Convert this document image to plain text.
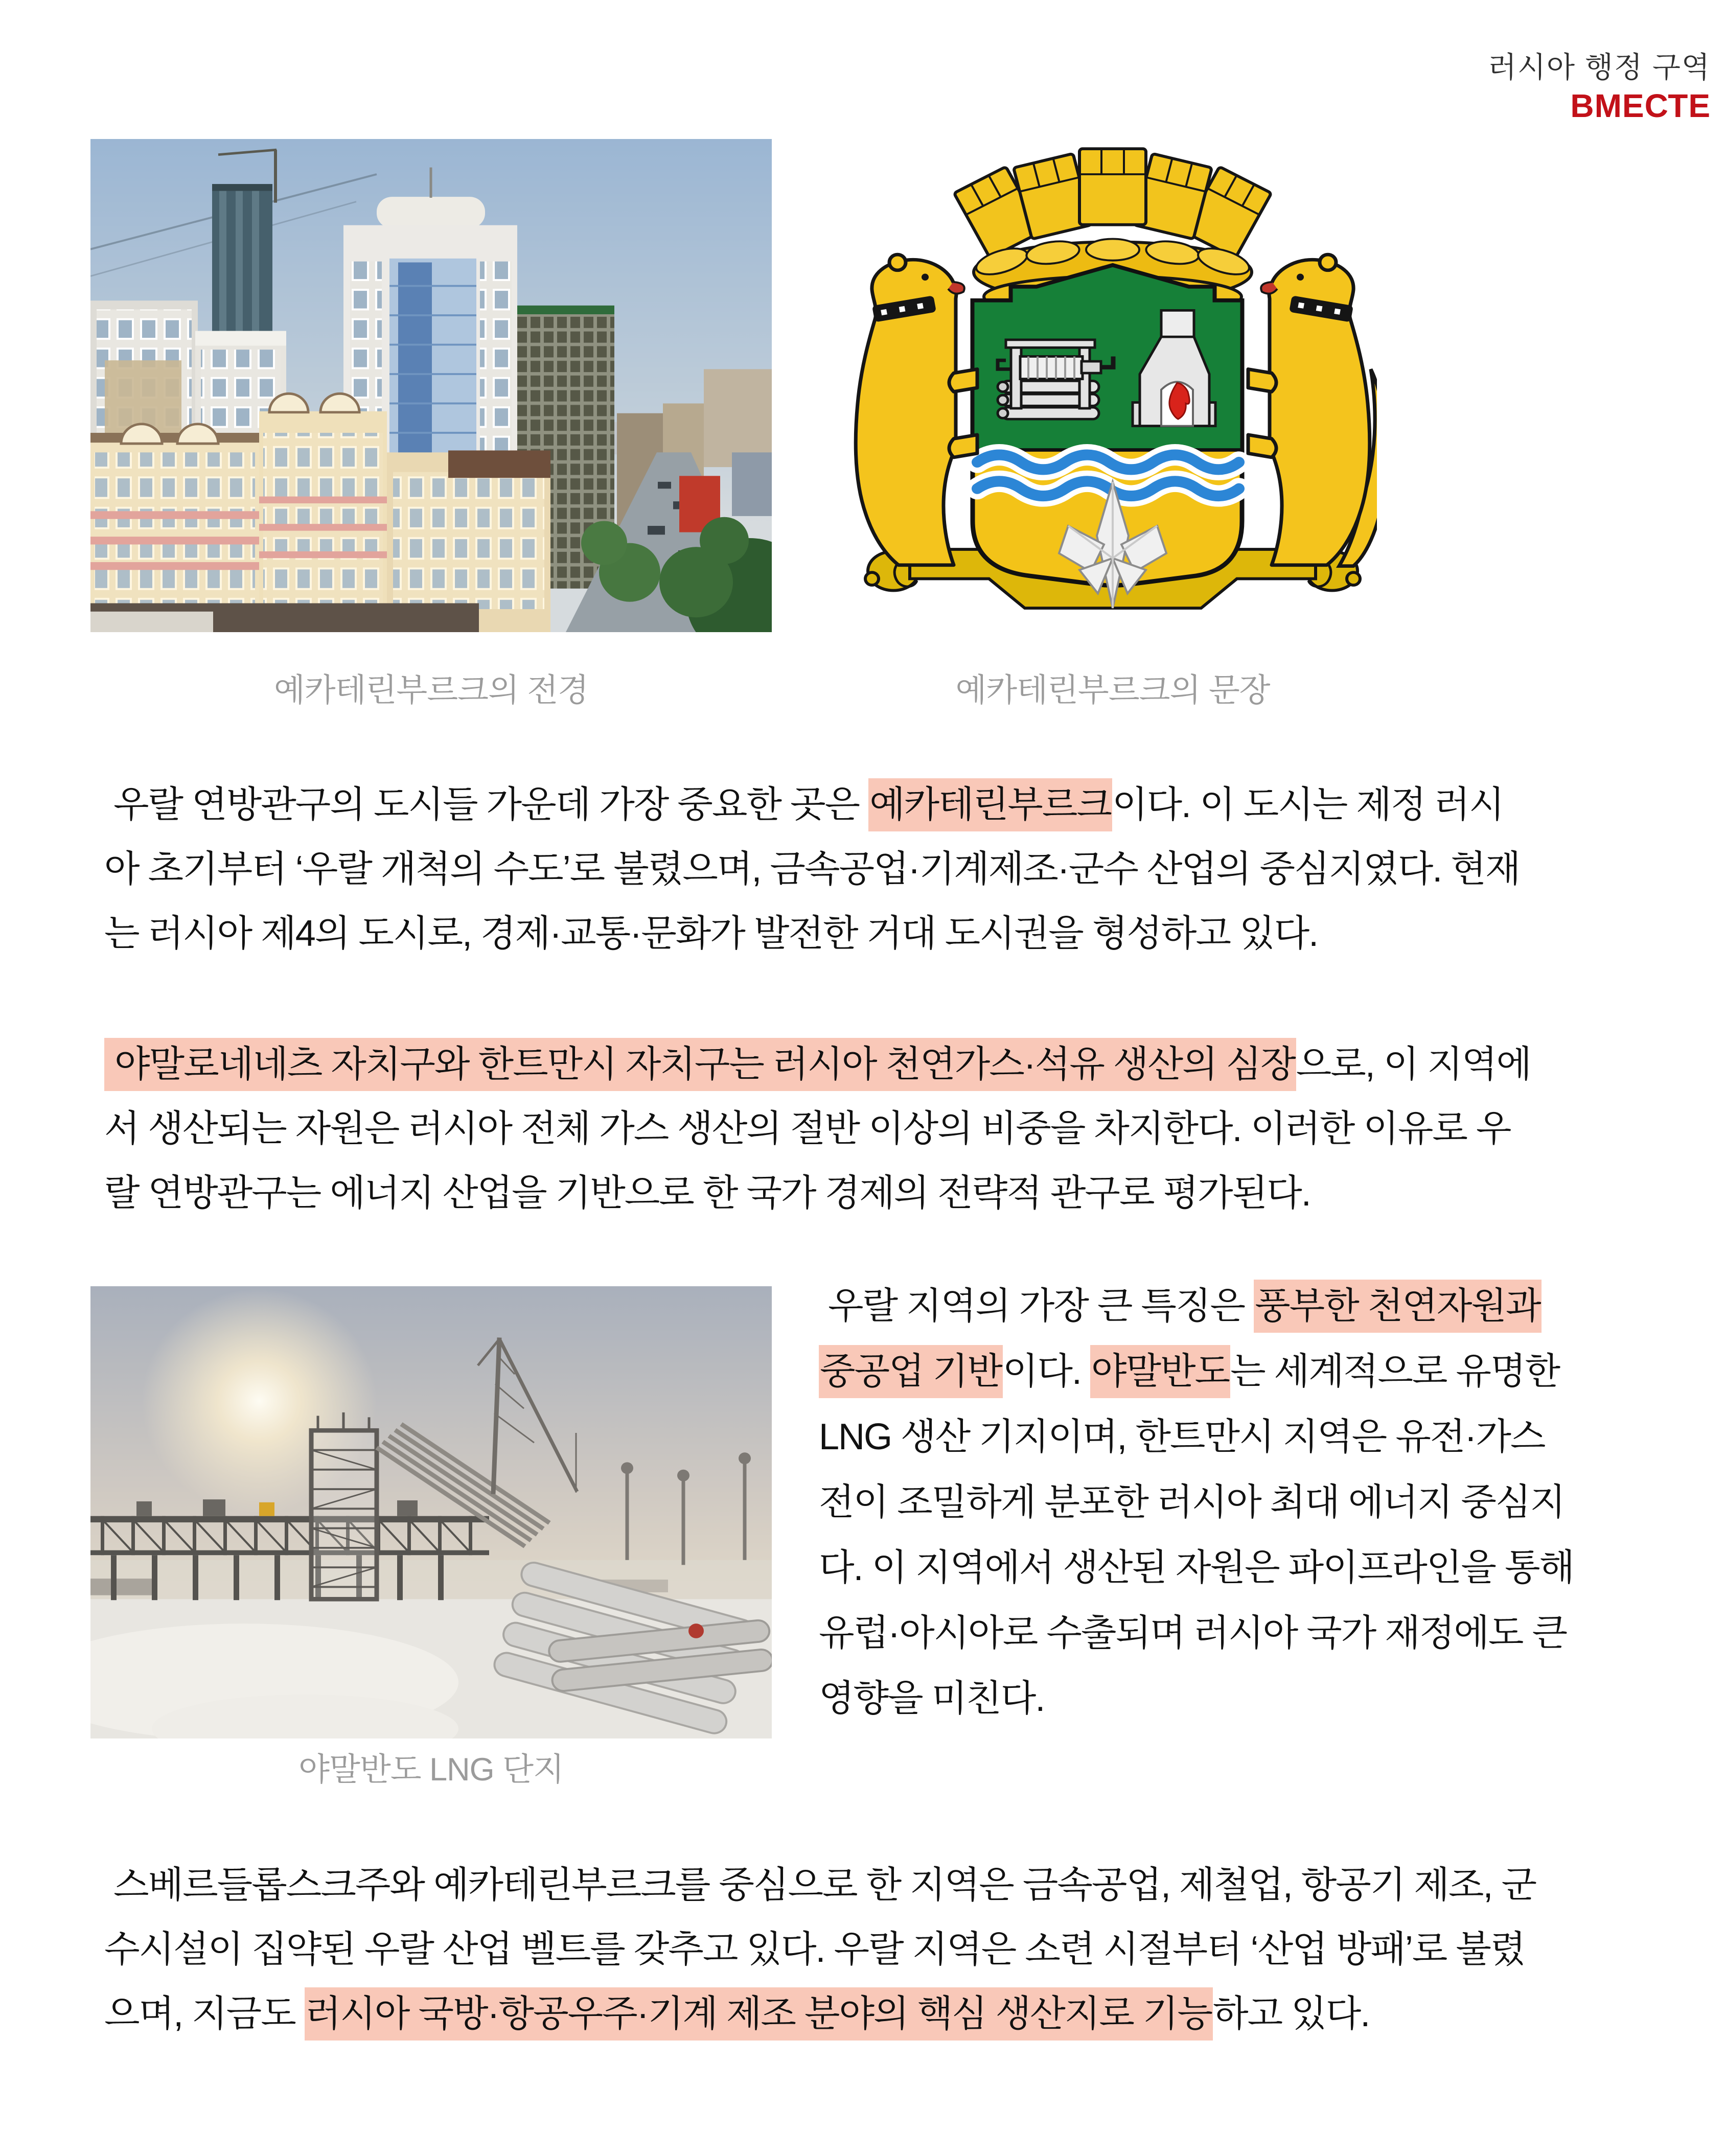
러시아 행정 구역
ВМЕСТЕ
예카테린부르크의 전경	예카테린부르크의 문장
우랄 연방관구의 도시들 가운데 가장 중요한 곳은 예카테린부르크이다. 이 도시는 제정 러시
아 초기부터 ‘우랄 개척의 수도’로 불렸으며, 금속공업·기계제조·군수 산업의 중심지였다. 현재
는 러시아 제4의 도시로, 경제·교통·문화가 발전한 거대 도시권을 형성하고 있다.
야말로네네츠 자치구와 한트만시 자치구는 러시아 천연가스·석유 생산의 심장으로, 이 지역에
서 생산되는 자원은 러시아 전체 가스 생산의 절반 이상의 비중을 차지한다. 이러한 이유로 우
랄 연방관구는 에너지 산업을 기반으로 한 국가 경제의 전략적 관구로 평가된다.
우랄 지역의 가장 큰 특징은 풍부한 천연자원과
중공업 기반이다. 야말반도는 세계적으로 유명한
LNG 생산 기지이며, 한트만시 지역은 유전·가스
전이 조밀하게 분포한 러시아 최대 에너지 중심지
다. 이 지역에서 생산된 자원은 파이프라인을 통해
유럽·아시아로 수출되며 러시아 국가 재정에도 큰
영향을 미친다.
야말반도 LNG 단지
스베르들롭스크주와 예카테린부르크를 중심으로 한 지역은 금속공업, 제철업, 항공기 제조, 군
수시설이 집약된 우랄 산업 벨트를 갖추고 있다. 우랄 지역은 소련 시절부터 ‘산업 방패’로 불렸
으며, 지금도 러시아 국방·항공우주·기계 제조 분야의 핵심 생산지로 기능하고 있다.
